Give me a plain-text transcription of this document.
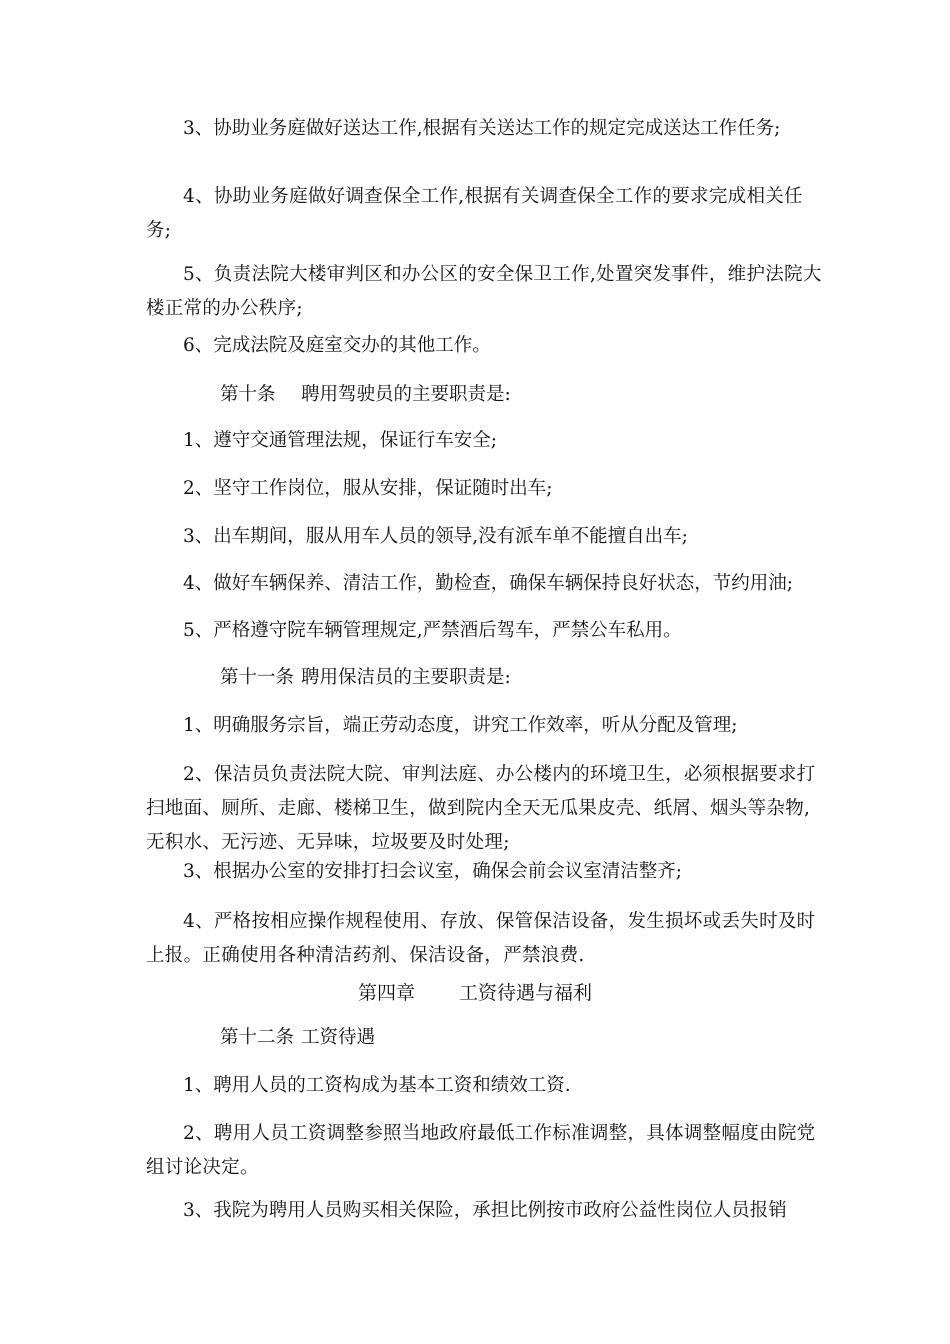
3、协助业务庭做好送达工作,根据有关送达工作的规定完成送达工作任务;

4、协助业务庭做好调查保全工作,根据有关调查保全工作的要求完成相关任务;

5、负责法院大楼审判区和办公区的安全保卫工作,处置突发事件，维护法院大楼正常的办公秩序;

6、完成法院及庭室交办的其他工作。

第十条 聘用驾驶员的主要职责是:

1、遵守交通管理法规，保证行车安全;

2、坚守工作岗位，服从安排，保证随时出车;

3、出车期间，服从用车人员的领导,没有派车单不能擅自出车;

4、做好车辆保养、清洁工作，勤检查，确保车辆保持良好状态，节约用油;

5、严格遵守院车辆管理规定,严禁酒后驾车，严禁公车私用。

第十一条 聘用保洁员的主要职责是:

1、明确服务宗旨，端正劳动态度，讲究工作效率，听从分配及管理;

2、保洁员负责法院大院、审判法庭、办公楼内的环境卫生，必须根据要求打扫地面、厕所、走廊、楼梯卫生，做到院内全天无瓜果皮壳、纸屑、烟头等杂物,无积水、无污迹、无异味，垃圾要及时处理;

3、根据办公室的安排打扫会议室，确保会前会议室清洁整齐;

4、严格按相应操作规程使用、存放、保管保洁设备，发生损坏或丢失时及时上报。正确使用各种清洁药剂、保洁设备，严禁浪费.

第四章 工资待遇与福利

第十二条 工资待遇

1、聘用人员的工资构成为基本工资和绩效工资.

2、聘用人员工资调整参照当地政府最低工作标准调整，具体调整幅度由院党组讨论决定。

3、我院为聘用人员购买相关保险，承担比例按市政府公益性岗位人员报销
